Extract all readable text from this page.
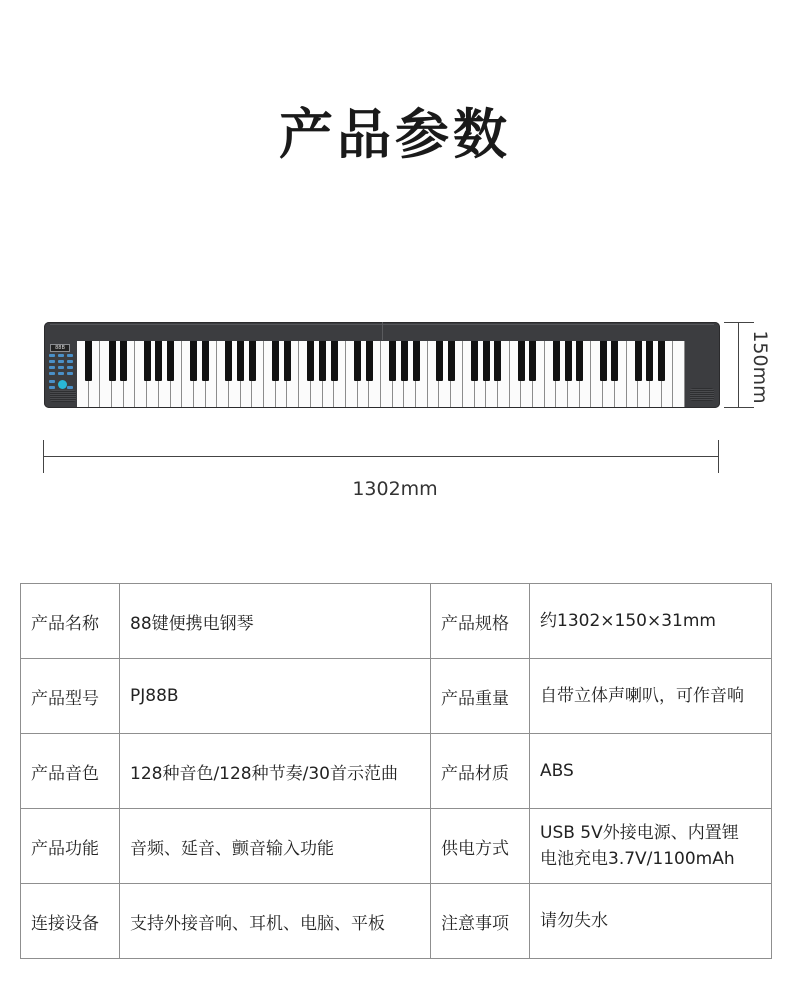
产品参数
88B
1302mm
150mm
产品名称	88键便携电钢琴	产品规格	约1302×150×31mm
产品型号	PJ88B	产品重量	自带立体声喇叭，可作音响
产品音色	128种音色/128种节奏/30首示范曲	产品材质	ABS
产品功能	音频、延音、颤音输入功能	供电方式	USB 5V外接电源、内置锂
电池充电3.7V/1100mAh

连接设备	支持外接音响、耳机、电脑、平板	注意事项	请勿失水
